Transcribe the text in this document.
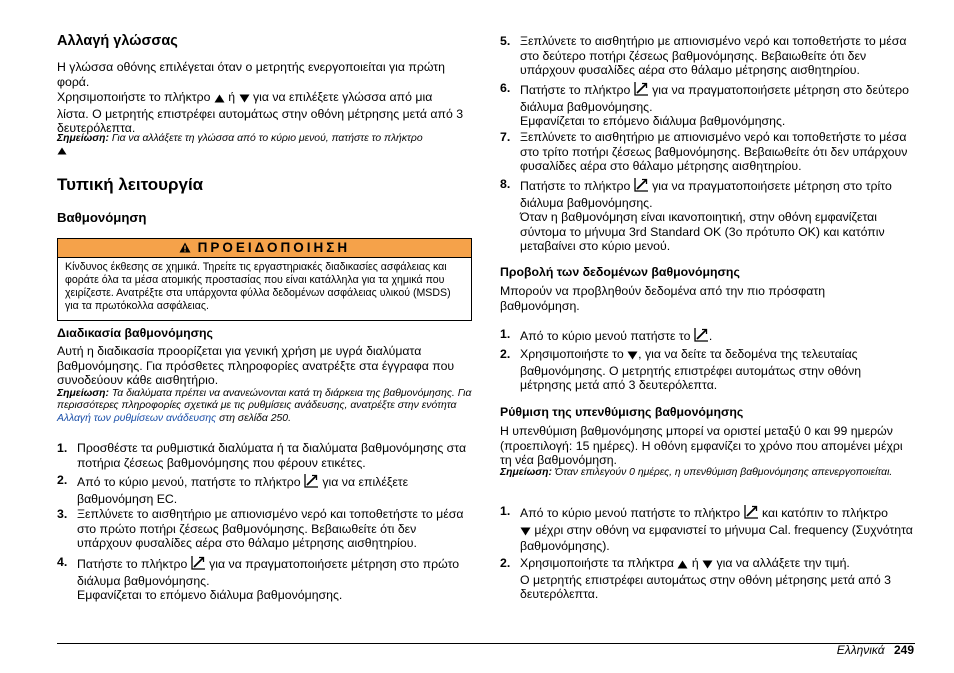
Αλλαγή γλώσσας
Η γλώσσα οθόνης επιλέγεται όταν ο μετρητής ενεργοποιείται για πρώτη φορά.
Χρησιμοποιήστε το πλήκτρο ή για να επιλέξετε γλώσσα από μια λίστα. Ο μετρητής επιστρέφει αυτομάτως στην οθόνη μέτρησης μετά από 3 δευτερόλεπτα.
Σημείωση: Για να αλλάξετε τη γλώσσα από το κύριο μενού, πατήστε το πλήκτρο

Τυπική λειτουργία
Βαθμονόμηση
ΠΡΟΕΙΔΟΠΟΙΗΣΗ
Κίνδυνος έκθεσης σε χημικά. Τηρείτε τις εργαστηριακές διαδικασίες ασφάλειας και φοράτε όλα τα μέσα ατομικής προστασίας που είναι κατάλληλα για τα χημικά που χειρίζεστε. Ανατρέξτε στα υπάρχοντα φύλλα δεδομένων ασφάλειας υλικού (MSDS) για τα πρωτόκολλα ασφάλειας.
Διαδικασία βαθμονόμησης
Αυτή η διαδικασία προορίζεται για γενική χρήση με υγρά διαλύματα βαθμονόμησης. Για πρόσθετες πληροφορίες ανατρέξτε στα έγγραφα που συνοδεύουν κάθε αισθητήριο.
Σημείωση: Τα διαλύματα πρέπει να ανανεώνονται κατά τη διάρκεια της βαθμονόμησης. Για περισσότερες πληροφορίες σχετικά με τις ρυθμίσεις ανάδευσης, ανατρέξτε στην ενότητα Αλλαγή των ρυθμίσεων ανάδευσης στη σελίδα 250.
1. Προσθέστε τα ρυθμιστικά διαλύματα ή τα διαλύματα βαθμονόμησης στα ποτήρια ζέσεως βαθμονόμησης που φέρουν ετικέτες.
2. Από το κύριο μενού, πατήστε το πλήκτρο για να επιλέξετε βαθμονόμηση EC.
3. Ξεπλύνετε το αισθητήριο με απιονισμένο νερό και τοποθετήστε το μέσα στο πρώτο ποτήρι ζέσεως βαθμονόμησης. Βεβαιωθείτε ότι δεν υπάρχουν φυσαλίδες αέρα στο θάλαμο μέτρησης αισθητηρίου.
4. Πατήστε το πλήκτρο για να πραγματοποιήσετε μέτρηση στο πρώτο διάλυμα βαθμονόμησης.
Εμφανίζεται το επόμενο διάλυμα βαθμονόμησης.
5. Ξεπλύνετε το αισθητήριο με απιονισμένο νερό και τοποθετήστε το μέσα στο δεύτερο ποτήρι ζέσεως βαθμονόμησης. Βεβαιωθείτε ότι δεν υπάρχουν φυσαλίδες αέρα στο θάλαμο μέτρησης αισθητηρίου.
6. Πατήστε το πλήκτρο για να πραγματοποιήσετε μέτρηση στο δεύτερο διάλυμα βαθμονόμησης.
Εμφανίζεται το επόμενο διάλυμα βαθμονόμησης.
7. Ξεπλύνετε το αισθητήριο με απιονισμένο νερό και τοποθετήστε το μέσα στο τρίτο ποτήρι ζέσεως βαθμονόμησης. Βεβαιωθείτε ότι δεν υπάρχουν φυσαλίδες αέρα στο θάλαμο μέτρησης αισθητηρίου.
8. Πατήστε το πλήκτρο για να πραγματοποιήσετε μέτρηση στο τρίτο διάλυμα βαθμονόμησης.
Όταν η βαθμονόμηση είναι ικανοποιητική, στην οθόνη εμφανίζεται σύντομα το μήνυμα 3rd Standard OK (3ο πρότυπο OK) και κατόπιν μεταβαίνει στο κύριο μενού.
Προβολή των δεδομένων βαθμονόμησης
Μπορούν να προβληθούν δεδομένα από την πιο πρόσφατη βαθμονόμηση.
1. Από το κύριο μενού πατήστε το .
2. Χρησιμοποιήστε το , για να δείτε τα δεδομένα της τελευταίας βαθμονόμησης. Ο μετρητής επιστρέφει αυτομάτως στην οθόνη μέτρησης μετά από 3 δευτερόλεπτα.
Ρύθμιση της υπενθύμισης βαθμονόμησης
Η υπενθύμιση βαθμονόμησης μπορεί να οριστεί μεταξύ 0 και 99 ημερών (προεπιλογή: 15 ημέρες). Η οθόνη εμφανίζει το χρόνο που απομένει μέχρι τη νέα βαθμονόμηση.
Σημείωση: Όταν επιλεγούν 0 ημέρες, η υπενθύμιση βαθμονόμησης απενεργοποιείται.
1. Από το κύριο μενού πατήστε το πλήκτρο και κατόπιν το πλήκτρο
μέχρι στην οθόνη να εμφανιστεί το μήνυμα Cal. frequency (Συχνότητα βαθμονόμησης).
2. Χρησιμοποιήστε τα πλήκτρα ή για να αλλάξετε την τιμή.
Ο μετρητής επιστρέφει αυτομάτως στην οθόνη μέτρησης μετά από 3 δευτερόλεπτα.
Ελληνικά 249
